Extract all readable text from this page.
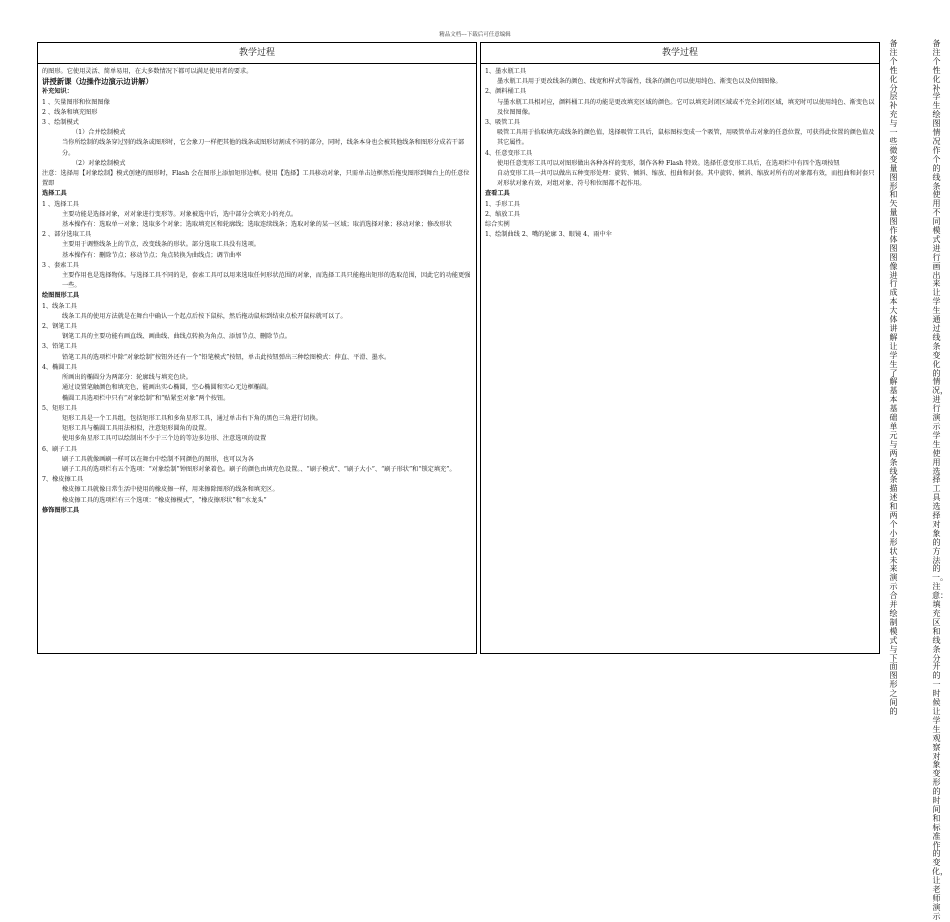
精品文档---下载后可任意编辑
教学过程
的图形。它使用灵活、简单易用，在大多数情况下都可以满足使用者的要求。
讲授新课（边操作边演示边讲解）
补充知识：
1 、矢量图形和位图图像
2 、线条和填充图形
3 、绘制模式
（1）合并绘制模式
当你所绘制的线条穿过别的线条或图形时，它会象刀一样把其他的线条或图形切割成不同的部分，同时，线条本身也会被其他线条和图形分成若干部分。
（2）对象绘制模式
注意：选择用【对象绘制】模式创建的图形时，Flash 会在图形上添加矩形边框。使用【选择】工具移动对象，只需单击边框然后拖曳图形到舞台上的任意位置即
选择工具
1 、选择工具
主要功能是选择对象，对对象进行变形等。对象被选中后，选中部分会填充小的亮点。
基本操作有：选取单一对象；选取多个对象；选取填充区和轮廓线；选取连续线条；选取对象的某一区域；取消选择对象；移动对象；修改形状
2 、部分选取工具
主要用于调整线条上的节点，改变线条的形状。部分选取工具没有选项。
基本操作有：删除节点；移动节点；角点转换为曲线点；调节曲率
3 、套索工具
主要作用也是选择物体。与选择工具不同的是，套索工具可以用来选取任何形状范围的对象，而选择工具只能拖出矩形的选取范围，因此它的功能更强一些。
绘图图形工具
1、线条工具
线条工具的使用方法就是在舞台中确认一个起点后按下鼠标，然后拖动鼠标到结束点松开鼠标就可以了。
2、钢笔工具
钢笔工具的主要功能有画直线、画曲线、曲线点转换为角点、添加节点、删除节点。
3、铅笔工具
铅笔工具的选项栏中除“对象绘制”按钮外还有一个“铅笔模式”按钮，单击此按钮弹出三种绘图模式：伸直、平滑、墨水。
4、椭圆工具
所画出的椭圆分为两部分：轮廓线与填充色块。
通过设置笔触颜色和填充色，能画出实心椭圆，空心椭圆和实心无边框椭圆。
椭圆工具选项栏中只有“对象绘制”和“贴紧至对象”两个按钮。
5、矩形工具
矩形工具是一个工具组，包括矩形工具和多角星形工具，通过单击右下角的黑色三角进行切换。
矩形工具与椭圆工具用法相似，注意矩形圆角的设置。
使用多角星形工具可以绘制出不少于三个边的等边多边形、注意选项的设置
6、刷子工具
刷子工具就像画刷一样可以在舞台中绘制不同颜色的图形，也可以为各
刷子工具的选项栏有五个选项：“对象绘制”钟图形对象着色。刷子的颜色由填充色设置。、“刷子模式”、“刷子大小”、“刷子形状”和“锁定填充”。
7、橡皮擦工具
橡皮擦工具就像日常生活中使用的橡皮擦一样，用来擦除图形的线条和填充区。
橡皮擦工具的选项栏有三个选项：“橡皮擦模式”，“橡皮擦形状”和“水龙头”
修饰图形工具
教学过程
1、墨水瓶工具
墨水瓶工具用于更改线条的颜色、线宽和样式等属性，线条的颜色可以使用纯色、渐变色以及位图图像。
2、颜料桶工具
与墨水瓶工具相对应，颜料桶工具的功能是更改填充区域的颜色。它可以填充封闭区域或不完全封闭区域，填充时可以使用纯色、渐变色以及位图图像。
3、吸管工具
吸管工具用于拾取填充或线条的颜色值，选择吸管工具后，鼠标图标变成一个吸管，用吸管单击对象的任意位置，可获得此位置的颜色值及其它属性。
4、任意变形工具
使用任意变形工具可以对图形做出各种各样的变形，制作各种 Flash 特效。选择任意变形工具后，在选项栏中有四个选项按钮
自动变形工具一共可以做出五种变形处理：旋转、倾斜、缩放、扭曲和封套。其中旋转、倾斜、缩放对所有的对象都有效，而扭曲和封套只对形状对象有效，对组对象、符号和位图都不起作用。
查看工具
1、手形工具
2、缩放工具
综合实例
1、绘制曲线 2、嘴的轮廓 3、眼镜 4、雨中伞
备注个性化分层补充与一些微变量图形和矢量图作体图图像进行成本大体讲解让学生了解基本基础单元与两条线条描述和两个小形状未来演示合并绘制模式与下面图形之间的
备注个性化补学生绘图情况作个的线条使用不同模式进行画出来让学生通过线条变化的情况，进行演示学生使用选择工具选择对象的方法的一。注意：填充区和线条分开的一时候让学生观察对象变形的时间和标准作的变化，让老师演示
